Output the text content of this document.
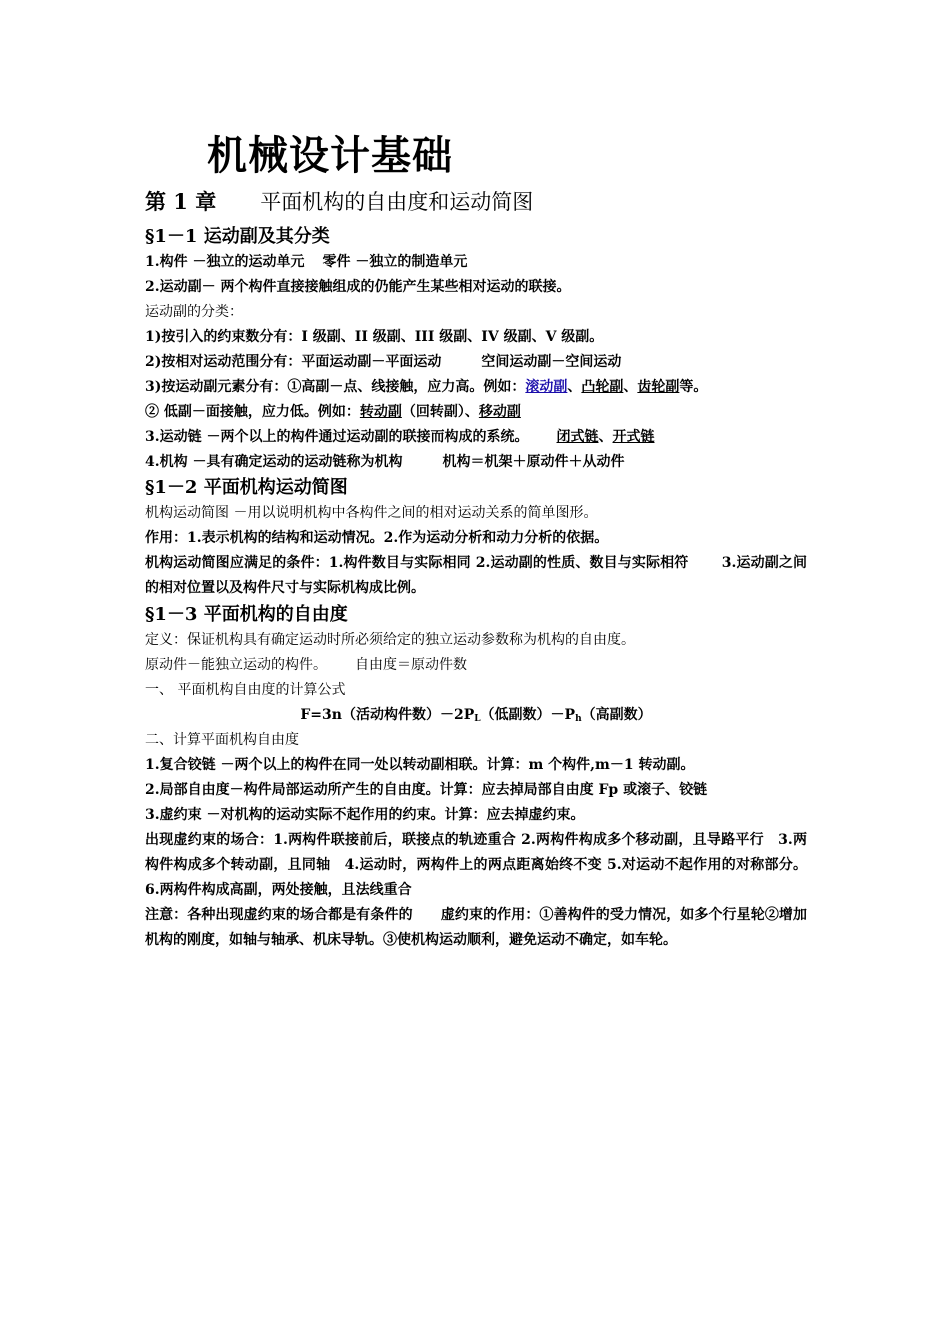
机械设计基础
第 1 章 平面机构的自由度和运动简图
§1－1 运动副及其分类
1.构件 －独立的运动单元 零件 －独立的制造单元
2.运动副－ 两个构件直接接触组成的仍能产生某些相对运动的联接。
运动副的分类：
1)按引入的约束数分有：I 级副、II 级副、III 级副、IV 级副、V 级副。
2)按相对运动范围分有：平面运动副－平面运动	空间运动副－空间运动
3)按运动副元素分有：①高副－点、线接触，应力高。例如：滚动副、凸轮副、齿轮副等。
② 低副－面接触，应力低。例如：转动副（回转副）、移动副
3.运动链 －两个以上的构件通过运动副的联接而构成的系统。 闭式链、开式链
4.机构 －具有确定运动的运动链称为机构	机构＝机架＋原动件＋从动件
§1－2 平面机构运动简图
机构运动简图 －用以说明机构中各构件之间的相对运动关系的简单图形。
作用：1.表示机构的结构和运动情况。2.作为运动分析和动力分析的依据。
机构运动简图应满足的条件：1.构件数目与实际相同 2.运动副的性质、数目与实际相符　　 3.运动副之间的相对位置以及构件尺寸与实际机构成比例。
§1－3 平面机构的自由度
定义：保证机构具有确定运动时所必须给定的独立运动参数称为机构的自由度。
原动件－能独立运动的构件。 自由度＝原动件数
一、 平面机构自由度的计算公式
F=3n（活动构件数）$-2P_L$（低副数）$-P_h$（高副数）
二、计算平面机构自由度
1.复合铰链 －两个以上的构件在同一处以转动副相联。计算：m 个构件,m－1 转动副。
2.局部自由度－构件局部运动所产生的自由度。计算：应去掉局部自由度 Fp 或滚子、铰链
3.虚约束 －对机构的运动实际不起作用的约束。计算：应去掉虚约束。
出现虚约束的场合：1.两构件联接前后，联接点的轨迹重合 2.两构件构成多个移动副，且导路平行　3.两构件构成多个转动副，且同轴　4.运动时，两构件上的两点距离始终不变 5.对运动不起作用的对称部分。6.两构件构成高副，两处接触，且法线重合
注意：各种出现虚约束的场合都是有条件的　　虚约束的作用：①善构件的受力情况，如多个行星轮②增加机构的刚度，如轴与轴承、机床导轨。③使机构运动顺利，避免运动不确定，如车轮。
